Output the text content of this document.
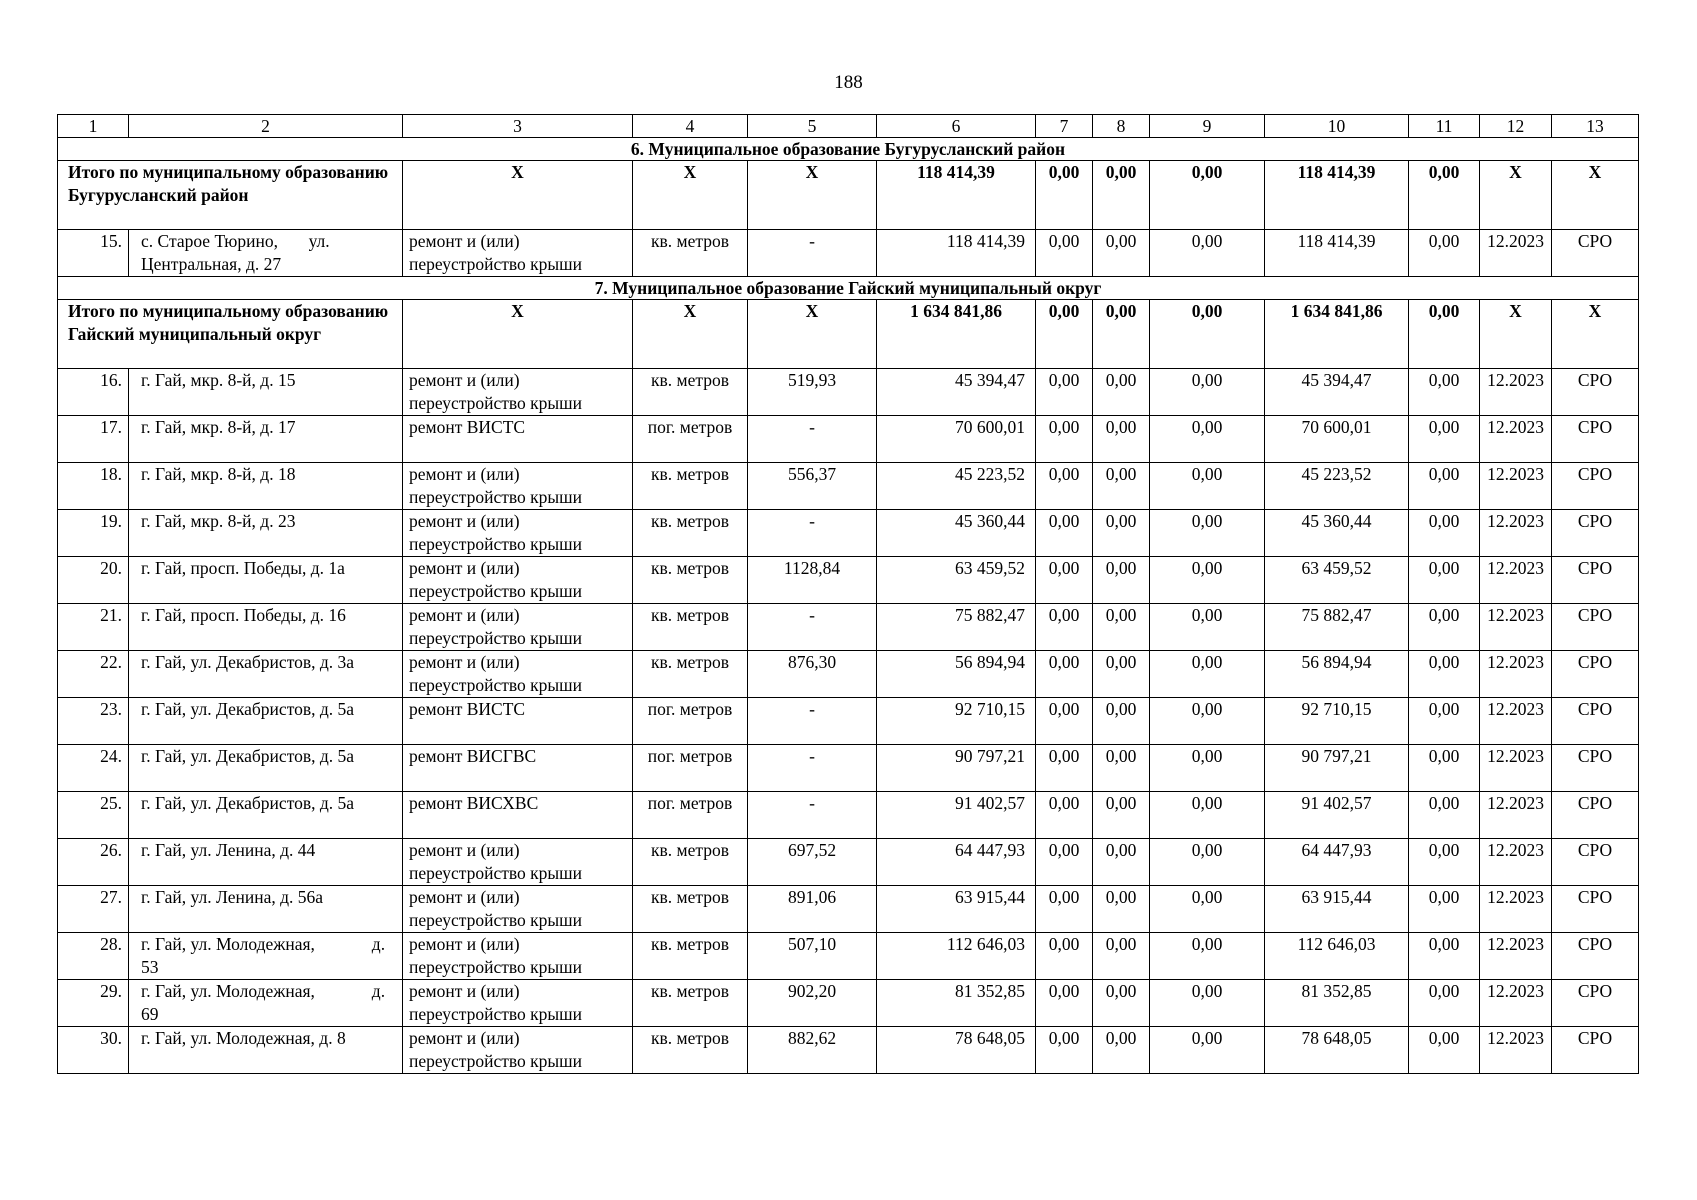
188
1	2	3	4	5	6	7	8	9	10	11	12	13
6. Муниципальное образование Бугурусланский район												
Итого по муниципальному образованию Бугурусланский район		Х	Х	Х	118 414,39	0,00	0,00	0,00	118 414,39	0,00	Х	Х
15.	с. Старое Тюрино,       ул. Центральная, д. 27	ремонт и (или) переустройство крыши	кв. метров	-	118 414,39	0,00	0,00	0,00	118 414,39	0,00	12.2023	СРО
7. Муниципальное образование Гайский муниципальный округ												
Итого по муниципальному образованию Гайский муниципальный округ		Х	Х	Х	1 634 841,86	0,00	0,00	0,00	1 634 841,86	0,00	Х	Х
16.	г. Гай, мкр. 8-й, д. 15	ремонт и (или) переустройство крыши	кв. метров	519,93	45 394,47	0,00	0,00	0,00	45 394,47	0,00	12.2023	СРО
17.	г. Гай, мкр. 8-й, д. 17	ремонт ВИСТС	пог. метров	-	70 600,01	0,00	0,00	0,00	70 600,01	0,00	12.2023	СРО
18.	г. Гай, мкр. 8-й, д. 18	ремонт и (или) переустройство крыши	кв. метров	556,37	45 223,52	0,00	0,00	0,00	45 223,52	0,00	12.2023	СРО
19.	г. Гай, мкр. 8-й, д. 23	ремонт и (или) переустройство крыши	кв. метров	-	45 360,44	0,00	0,00	0,00	45 360,44	0,00	12.2023	СРО
20.	г. Гай, просп. Победы, д. 1а	ремонт и (или) переустройство крыши	кв. метров	1128,84	63 459,52	0,00	0,00	0,00	63 459,52	0,00	12.2023	СРО
21.	г. Гай, просп. Победы, д. 16	ремонт и (или) переустройство крыши	кв. метров	-	75 882,47	0,00	0,00	0,00	75 882,47	0,00	12.2023	СРО
22.	г. Гай, ул. Декабристов, д. 3а	ремонт и (или) переустройство крыши	кв. метров	876,30	56 894,94	0,00	0,00	0,00	56 894,94	0,00	12.2023	СРО
23.	г. Гай, ул. Декабристов, д. 5а	ремонт ВИСТС	пог. метров	-	92 710,15	0,00	0,00	0,00	92 710,15	0,00	12.2023	СРО
24.	г. Гай, ул. Декабристов, д. 5а	ремонт ВИСГВС	пог. метров	-	90 797,21	0,00	0,00	0,00	90 797,21	0,00	12.2023	СРО
25.	г. Гай, ул. Декабристов, д. 5а	ремонт ВИСХВС	пог. метров	-	91 402,57	0,00	0,00	0,00	91 402,57	0,00	12.2023	СРО
26.	г. Гай, ул. Ленина, д. 44	ремонт и (или) переустройство крыши	кв. метров	697,52	64 447,93	0,00	0,00	0,00	64 447,93	0,00	12.2023	СРО
27.	г. Гай, ул. Ленина, д. 56а	ремонт и (или) переустройство крыши	кв. метров	891,06	63 915,44	0,00	0,00	0,00	63 915,44	0,00	12.2023	СРО
28.	г. Гай, ул. Молодежная,             д. 53	ремонт и (или) переустройство крыши	кв. метров	507,10	112 646,03	0,00	0,00	0,00	112 646,03	0,00	12.2023	СРО
29.	г. Гай, ул. Молодежная,             д. 69	ремонт и (или) переустройство крыши	кв. метров	902,20	81 352,85	0,00	0,00	0,00	81 352,85	0,00	12.2023	СРО
30.	г. Гай, ул. Молодежная, д. 8	ремонт и (или) переустройство крыши	кв. метров	882,62	78 648,05	0,00	0,00	0,00	78 648,05	0,00	12.2023	СРО
